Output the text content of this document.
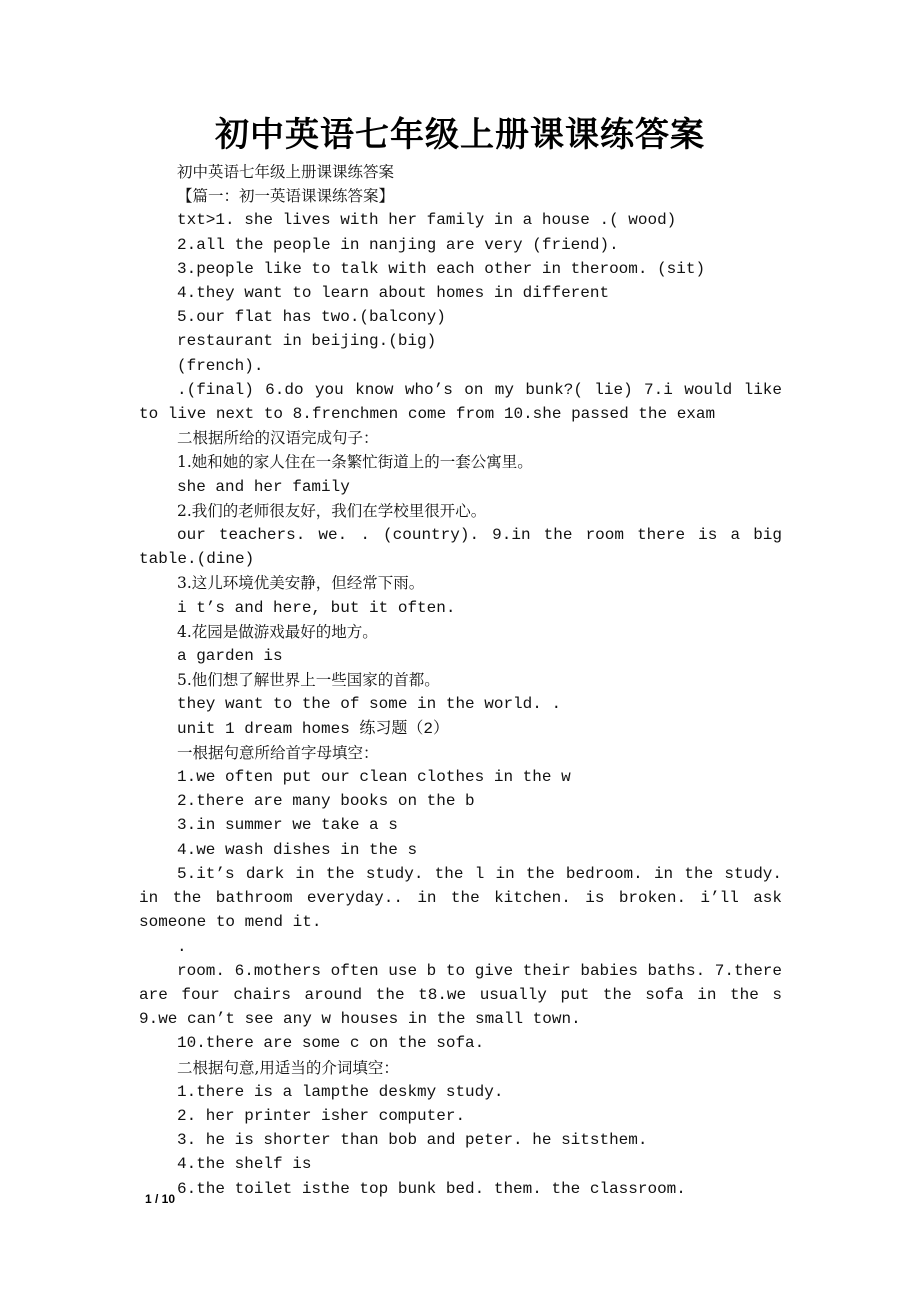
初中英语七年级上册课课练答案

初中英语七年级上册课课练答案

【篇一：初一英语课课练答案】

txt>1. she lives with her family in a house .( wood)

2.all the people in nanjing are very (friend).

3.people like to talk with each other in theroom. (sit)

4.they want to learn about homes in different

5.our flat has two.(balcony)

restaurant in beijing.(big)

(french).

.(final) 6.do you know who’s on my bunk?( lie) 7.i would like to live next to 8.frenchmen come from 10.she passed the exam

二根据所给的汉语完成句子：

1.她和她的家人住在一条繁忙街道上的一套公寓里。

she and her family

2.我们的老师很友好，我们在学校里很开心。

our teachers. we. . (country). 9.in the room there is a big table.(dine)

3.这儿环境优美安静，但经常下雨。

i t’s and here, but it often.

4.花园是做游戏最好的地方。

a garden is

5.他们想了解世界上一些国家的首都。

they want to the of some in the world. .

unit 1 dream homes 练习题（2）

一根据句意所给首字母填空：

1.we often put our clean clothes in the w

2.there are many books on the b

3.in summer we take a s

4.we wash dishes in the s

5.it’s dark in the study. the l in the bedroom. in the study. in the bathroom everyday.. in the kitchen. is broken. i’ll ask someone to mend it.

.

room. 6.mothers often use b to give their babies baths. 7.there are four chairs around the t8.we usually put the sofa in the s 9.we can’t see any w houses in the small town.

10.there are some c on the sofa.

二根据句意,用适当的介词填空：

1.there is a lampthe deskmy study.

2. her printer isher computer.

3. he is shorter than bob and peter. he sitsthem.

4.the shelf is

6.the toilet isthe top bunk bed. them. the classroom.

1 / 10
